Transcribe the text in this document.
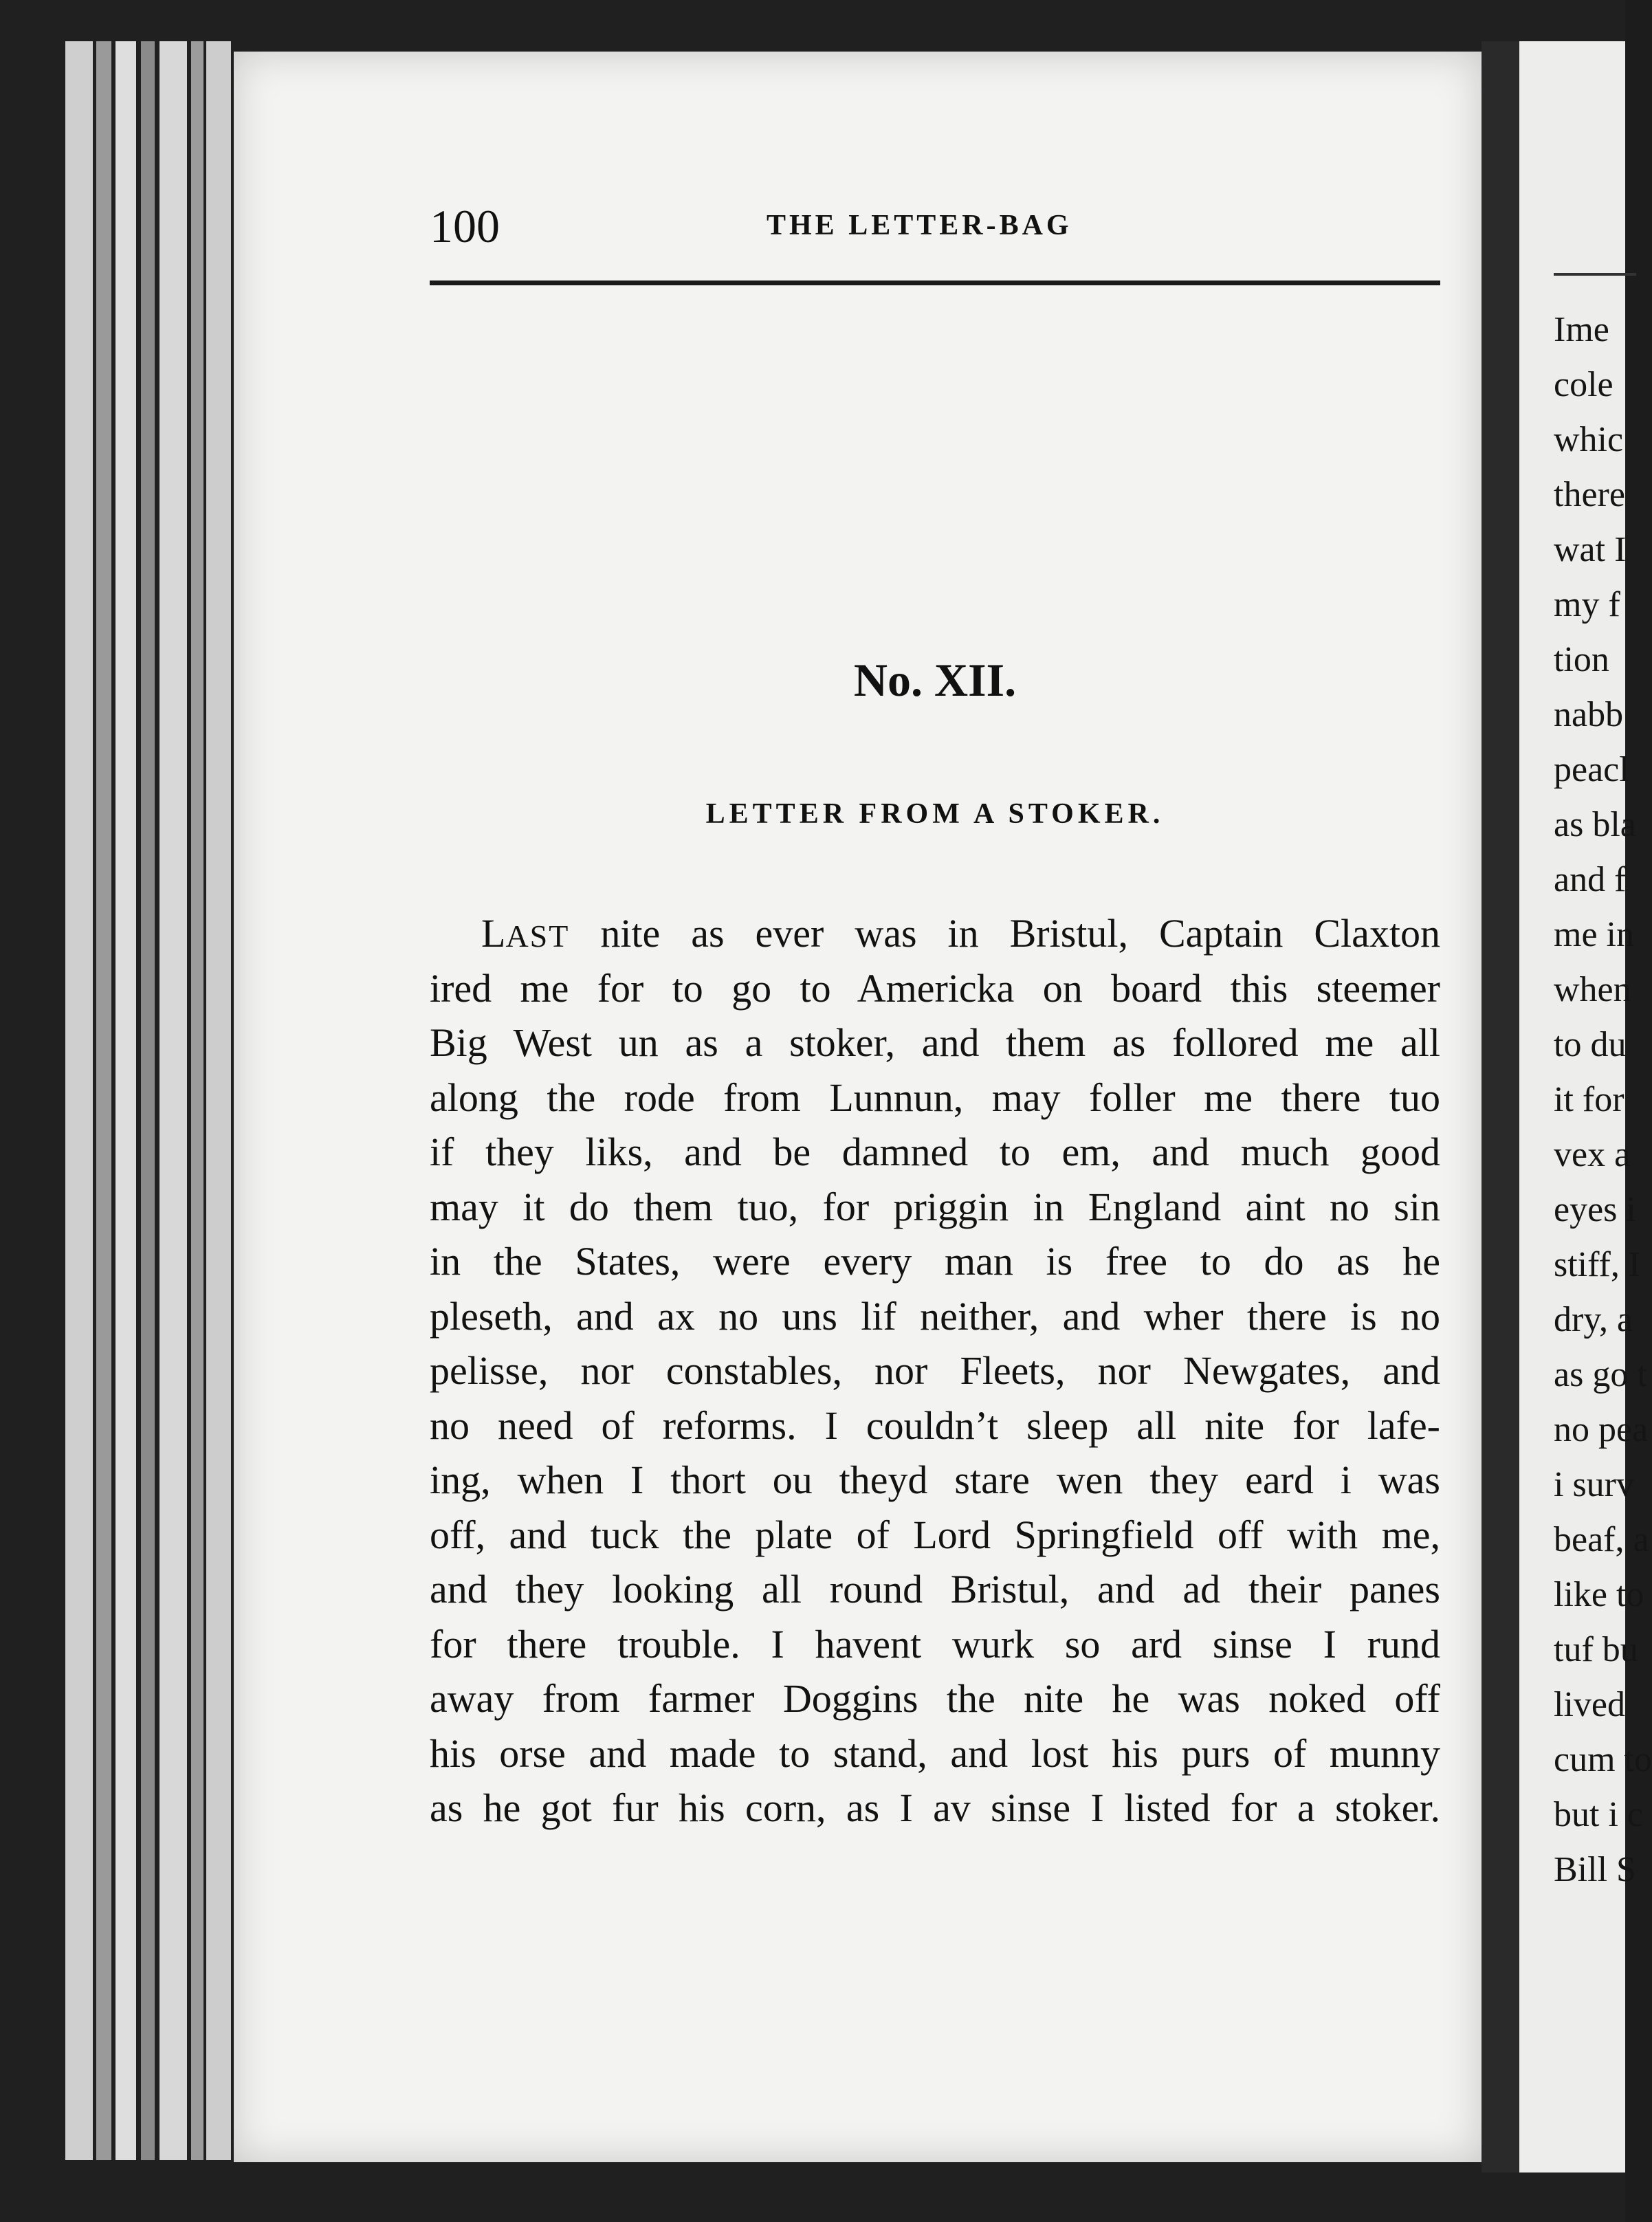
Ime
cole
whic
there
wat I
my f
tion
nabb
peacl
as bla
and f
me in
when
to du
it for
vex a
eyes i
stiff, I
dry, a
as go t
no pea
i surv
beaf, a
like to
tuf bu
lived
cum to
but i c
Bill S
100	THE LETTER-BAG
No. XII.
LETTER FROM A STOKER.
LAST nite as ever was in Bristul, Captain Claxton
ired me for to go to Americka on board this steemer
Big West un as a stoker, and them as follored me all
along the rode from Lunnun, may foller me there tuo
if they liks, and be damned to em, and much good
may it do them tuo, for priggin in England aint no sin
in the States, were every man is free to do as he
pleseth, and ax no uns lif neither, and wher there is no
pelisse, nor constables, nor Fleets, nor Newgates, and
no need of reforms. I couldn’t sleep all nite for lafe-
ing, when I thort ou theyd stare wen they eard i was
off, and tuck the plate of Lord Springfield off with me,
and they looking all round Bristul, and ad their panes
for there trouble. I havent wurk so ard sinse I rund
away from farmer Doggins the nite he was noked off
his orse and made to stand, and lost his purs of munny
as he got fur his corn, as I av sinse I listed for a stoker.
